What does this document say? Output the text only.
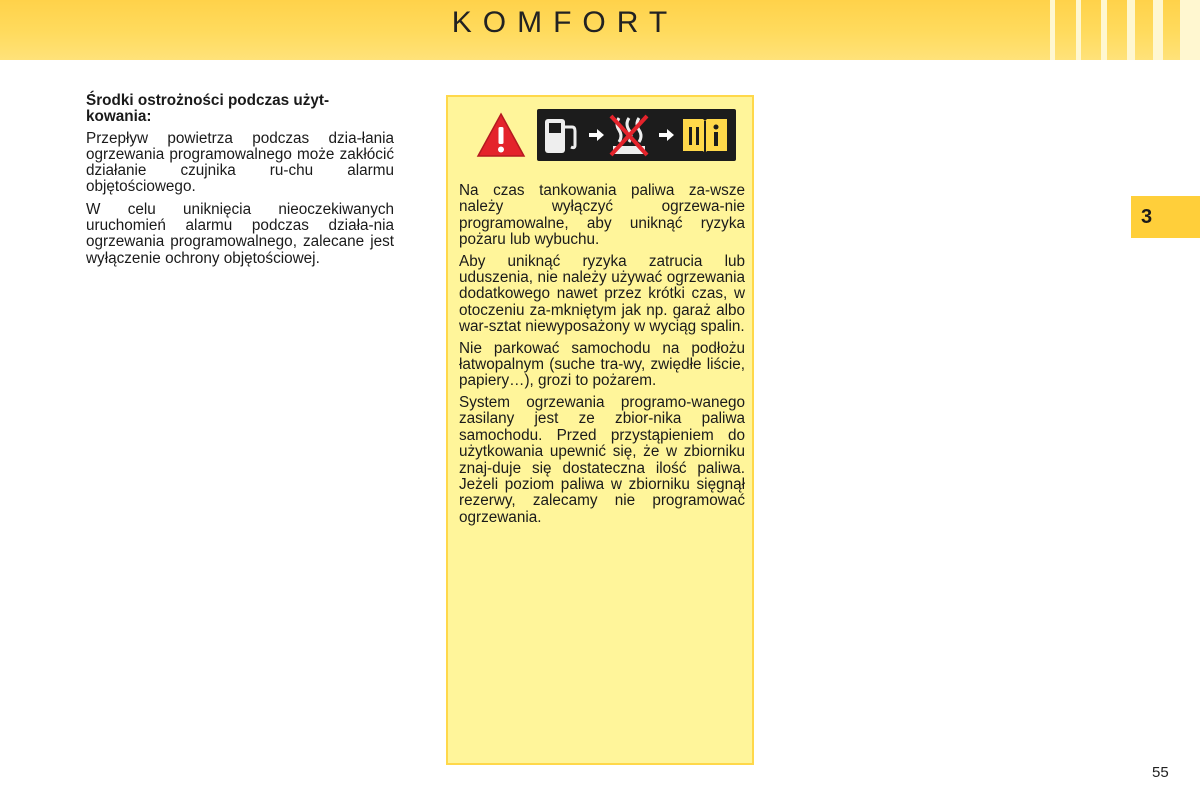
KOMFORT
Środki ostrożności podczas użyt-kowania:

Przepływ powietrza podczas dzia-łania ogrzewania programowalnego może zakłócić działanie czujnika ru-chu alarmu objętościowego.

W celu uniknięcia nieoczekiwanych uruchomień alarmu podczas działa-nia ogrzewania programowalnego, zalecane jest wyłączenie ochrony objętościowej.

Na czas tankowania paliwa za-wsze należy wyłączyć ogrzewa-nie programowalne, aby uniknąć ryzyka pożaru lub wybuchu.

Aby uniknąć ryzyka zatrucia lub uduszenia, nie należy używać ogrzewania dodatkowego nawet przez krótki czas, w otoczeniu za-mkniętym jak np. garaż albo war-sztat niewyposażony w wyciąg spalin.

Nie parkować samochodu na podłożu łatwopalnym (suche tra-wy, zwiędłe liście, papiery…), grozi to pożarem.

System ogrzewania programo-wanego zasilany jest ze zbior-nika paliwa samochodu. Przed przystąpieniem do użytkowania upewnić się, że w zbiorniku znaj-duje się dostateczna ilość paliwa. Jeżeli poziom paliwa w zbiorniku sięgnął rezerwy, zalecamy nie programować ogrzewania.

3
55
